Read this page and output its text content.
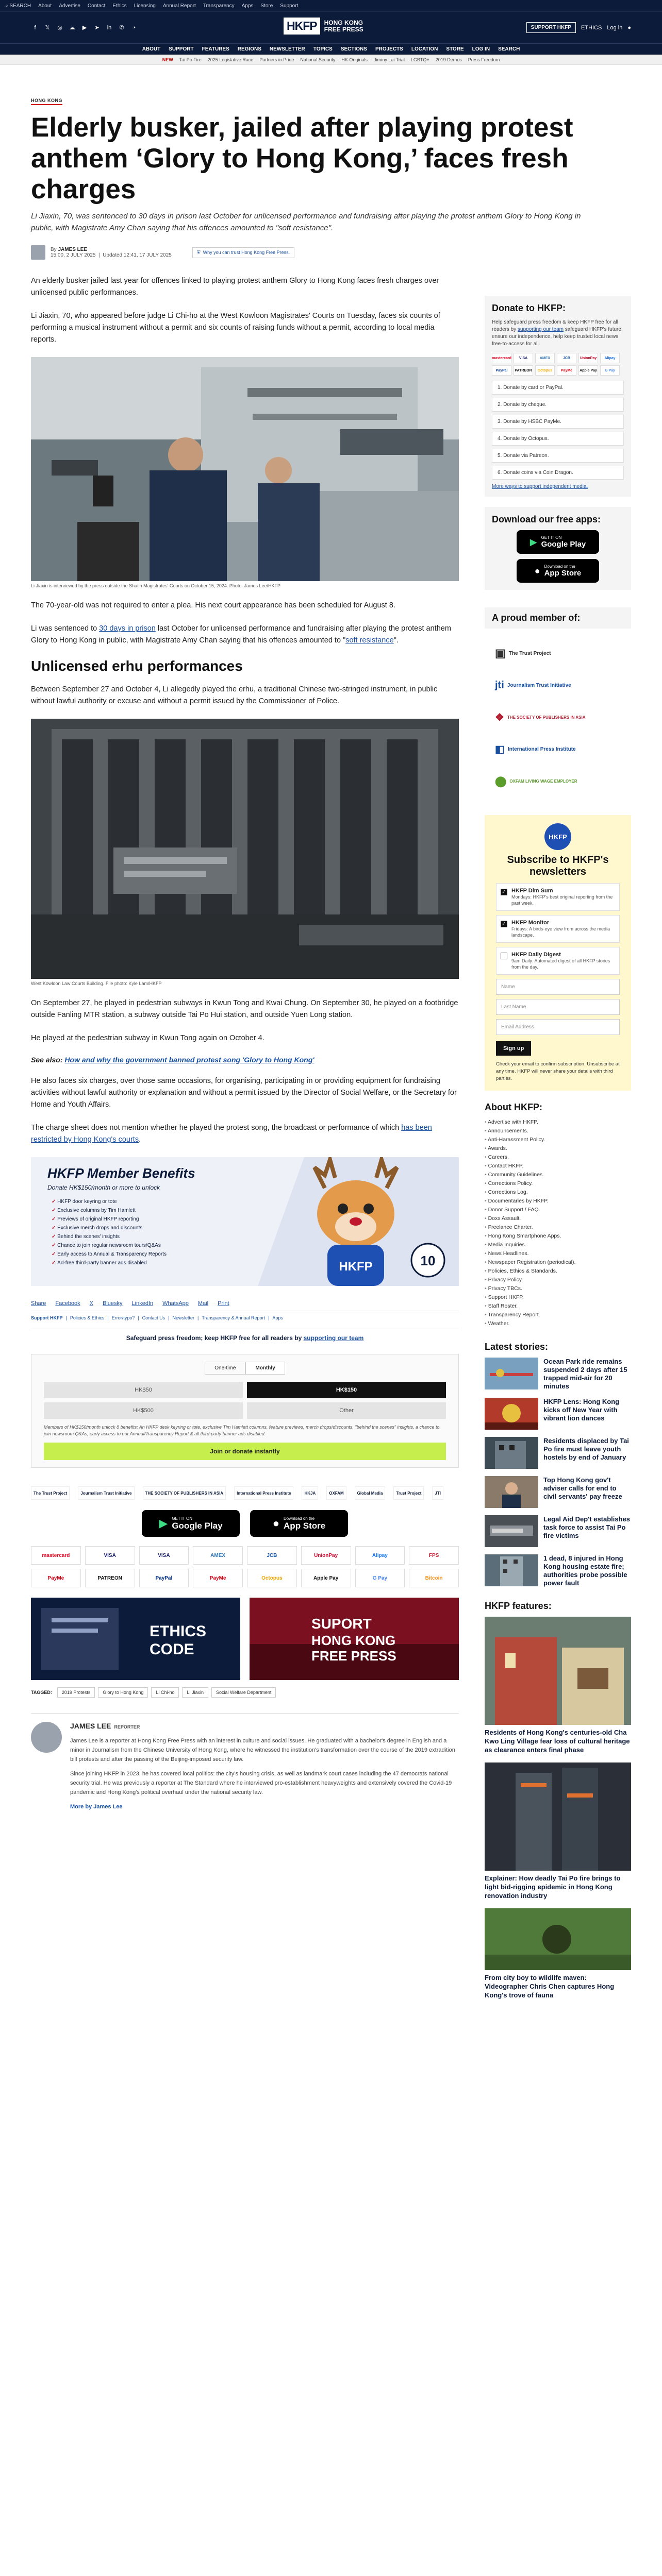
⌕ SEARCH About Advertise Contact Ethics Licensing Annual Report Transparency Apps Store Support
f	𝕏	◎ ☁	▶	➤	in	✆	◔	HKFP	HONG KONG
FREE PRESS	SUPPORT HKFP	ETHICS Log in ●
ABOUT SUPPORT FEATURES REGIONS NEWSLETTER TOPICS SECTIONS PROJECTS LOCATION STORE LOG IN SEARCH
NEW Tai Po Fire 2025 Legislative Race Partners in Pride National Security HK Originals Jimmy Lai Trial LGBTQ+ 2019 Demos Press Freedom
HONG KONG
Elderly busker, jailed after playing protest anthem ‘Glory to Hong Kong,’ faces fresh charges

Li Jiaxin, 70, was sentenced to 30 days in prison last October for unlicensed performance and fundraising after playing the protest anthem Glory to Hong Kong in public, with Magistrate Amy Chan saying that his offences amounted to "soft resistance".

By JAMES LEE
15:00, 2 JULY 2025  |  Updated 12:41, 17 JULY 2025
⛨ Why you can trust Hong Kong Free Press.

An elderly busker jailed last year for offences linked to playing protest anthem Glory to Hong Kong faces fresh charges over unlicensed public performances.

Li Jiaxin, 70, who appeared before judge Li Chi-ho at the West Kowloon Magistrates' Courts on Tuesday, faces six counts of performing a musical instrument without a permit and six counts of raising funds without a permit, according to local media reports.

Li Jiaxin is interviewed by the press outside the Shatin Magistrates' Courts on October 15, 2024. Photo: James Lee/HKFP

The 70-year-old was not required to enter a plea. His next court appearance has been scheduled for August 8.

Li was sentenced to 30 days in prison last October for unlicensed performance and fundraising after playing the protest anthem Glory to Hong Kong in public, with Magistrate Amy Chan saying that his offences amounted to "soft resistance".

Unlicensed erhu performances

Between September 27 and October 4, Li allegedly played the erhu, a traditional Chinese two-stringed instrument, in public without lawful authority or excuse and without a permit issued by the Commissioner of Police.

West Kowloon Law Courts Building. File photo: Kyle Lam/HKFP

On September 27, he played in pedestrian subways in Kwun Tong and Kwai Chung. On September 30, he played on a footbridge outside Fanling MTR station, a subway outside Tai Po Hui station, and outside Yuen Long station.

He played at the pedestrian subway in Kwun Tong again on October 4.

See also: How and why the government banned protest song 'Glory to Hong Kong'

He also faces six charges, over those same occasions, for organising, participating in or providing equipment for fundraising activities without lawful authority or explanation and without a permit issued by the Director of Social Welfare, or the Secretary for Home and Youth Affairs.

The charge sheet does not mention whether he played the protest song, the broadcast or performance of which has been restricted by Hong Kong's courts.

HKFP Member Benefits
Donate HK$150/month or more to unlock
✓ HKFP door keyring or tote
✓ Exclusive columns by Tim Hamlett
✓ Previews of original HKFP reporting
✓ Exclusive merch drops and discounts
✓ Behind the scenes' insights
✓ Chance to join regular newsroom tours/Q&As
✓ Early access to Annual & Transparency Reports
✓ Ad-free third-party banner ads disabled	HKFP	10
Share Facebook X Bluesky LinkedIn WhatsApp Mail Print
Support HKFP | Policies & Ethics | Error/typo? | Contact Us | Newsletter | Transparency & Annual Report | Apps
Safeguard press freedom; keep HKFP free for all readers by supporting our team
One-time	Monthly
HK$50	HK$150
HK$500	Other

Members of HK$150/month unlock 8 benefits: An HKFP desk keyring or tote, exclusive Tim Hamlett columns, feature previews, merch drops/discounts, "behind the scenes" insights, a chance to join newsroom Q&As, early access to our Annual/Transparency Report & all third-party banner ads disabled.

Join or donate instantly
The Trust Project	Journalism Trust Initiative	THE SOCIETY OF PUBLISHERS IN ASIA	International Press Institute	HKJA	OXFAM	Global Media	Trust Project	JTI
▶ GET IT ON
Google Play	● Download on the
App Store
mastercard	VISA	VISA	AMEX	JCB	UnionPay	Alipay	FPS
PayMe	PATREON	PayPal	PayMe	Octopus	Apple Pay	G Pay	Bitcoin
ETHICS
CODE
SUPORT
HONG KONG
FREE PRESS
TAGGED:	2019 Protests	Glory to Hong Kong	Li Chi-ho	Li Jiaxin	Social Welfare Department
JAMES LEE REPORTER

James Lee is a reporter at Hong Kong Free Press with an interest in culture and social issues. He graduated with a bachelor's degree in English and a minor in Journalism from the Chinese University of Hong Kong, where he witnessed the institution's transformation over the course of the 2019 extradition bill protests and after the passing of the Beijing-imposed security law.

Since joining HKFP in 2023, he has covered local politics: the city's housing crisis, as well as landmark court cases including the 47 democrats national security trial. He was previously a reporter at The Standard where he interviewed pro-establishment heavyweights and extensively covered the Covid-19 pandemic and Hong Kong's political overhaul under the national security law.

More by James Lee

Donate to HKFP:

Help safeguard press freedom & keep HKFP free for all readers by supporting our team safeguard HKFP's future, ensure our independence, help keep trusted local news free-to-access for all.

mastercard	VISA	AMEX	JCB	UnionPay	Alipay
PayPal	PATREON	Octopus	PayMe	Apple Pay	G Pay
1. Donate by card or PayPal.
2. Donate by cheque.
3. Donate by HSBC PayMe.
4. Donate by Octopus.
5. Donate via Patreon.
6. Donate coins via Coin Dragon.

More ways to support independent media.

Download our free apps:
▶ GET IT ON
Google Play
● Download on the
App Store
A proud member of:
▣ The Trust Project
jti Journalism Trust Initiative
❖ THE SOCIETY OF PUBLISHERS IN ASIA
◧ International Press Institute
⬤ OXFAM LIVING WAGE EMPLOYER
HKFP
Subscribe to HKFP's newsletters
✓ HKFP Dim Sum
Mondays: HKFP's best original reporting from the past week.
✓ HKFP Monitor
Fridays: A birds-eye view from across the media landscape.
HKFP Daily Digest
9am Daily: Automated digest of all HKFP stories from the day.
Name
Last Name
Email Address
Sign up

Check your email to confirm subscription. Unsubscribe at any time. HKFP will never share your details with third parties.

About HKFP:
• Advertise with HKFP.
• Announcements.
• Anti-Harassment Policy.
• Awards.
• Careers.
• Contact HKFP.
• Community Guidelines.
• Corrections Policy.
• Corrections Log.
• Documentaries by HKFP.
• Donor Support / FAQ.
• Doxx Assault.
• Freelance Charter.
• Hong Kong Smartphone Apps.
• Media Inquiries.
• News Headlines.
• Newspaper Registration (periodical).
• Policies, Ethics & Standards.
• Privacy Policy.
• Privacy TBCs.
• Support HKFP.
• Staff Roster.
• Transparency Report.
• Weather.
Latest stories:
Ocean Park ride remains suspended 2 days after 15 trapped mid-air for 20 minutes
HKFP Lens: Hong Kong kicks off New Year with vibrant lion dances
Residents displaced by Tai Po fire must leave youth hostels by end of January
Top Hong Kong gov't adviser calls for end to civil servants' pay freeze
Legal Aid Dep't establishes task force to assist Tai Po fire victims
1 dead, 8 injured in Hong Kong housing estate fire; authorities probe possible power fault
HKFP features:
Residents of Hong Kong's centuries-old Cha Kwo Ling Village fear loss of cultural heritage as clearance enters final phase
Explainer: How deadly Tai Po fire brings to light bid-rigging epidemic in Hong Kong renovation industry
From city boy to wildlife maven: Videographer Chris Chen captures Hong Kong's trove of fauna
